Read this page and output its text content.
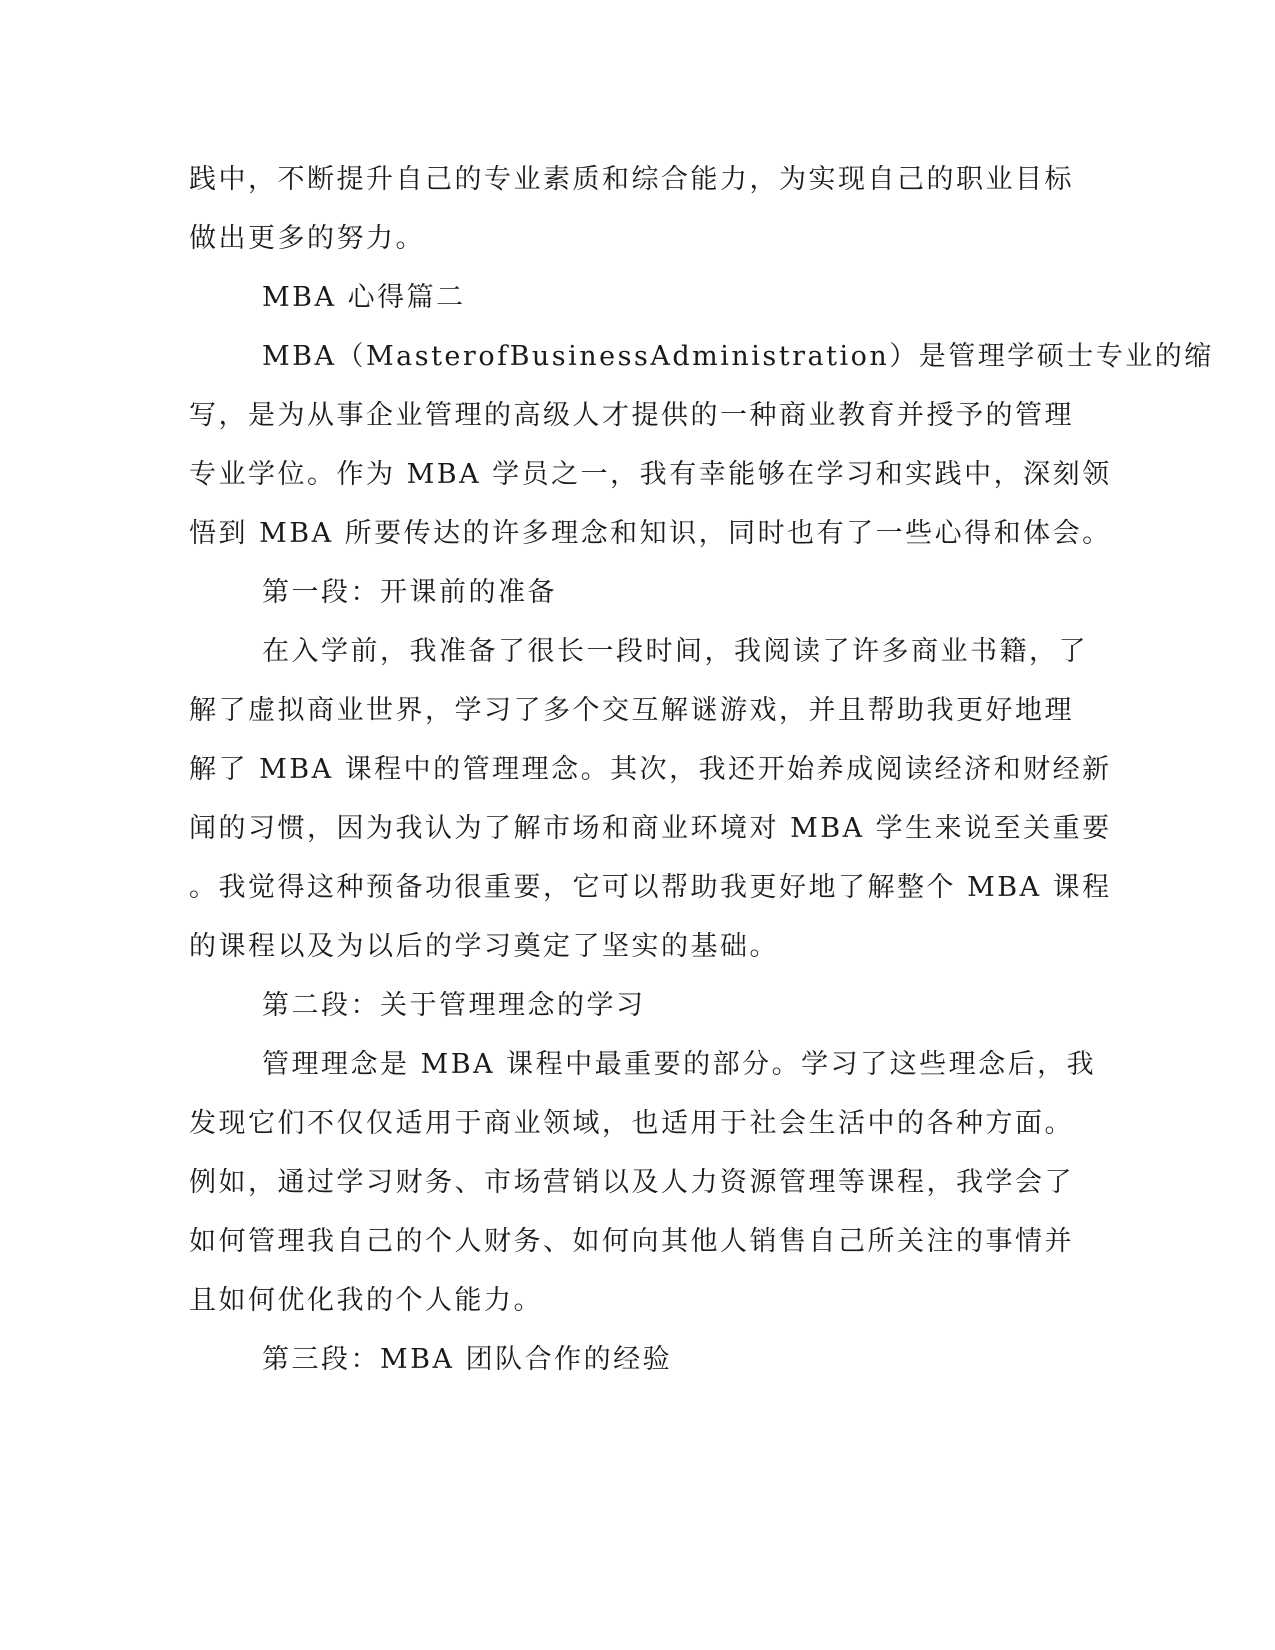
践中，不断提升自己的专业素质和综合能力，为实现自己的职业目标
做出更多的努力。
MBA 心得篇二
MBA（MasterofBusinessAdministration）是管理学硕士专业的缩
写，是为从事企业管理的高级人才提供的一种商业教育并授予的管理
专业学位。作为 MBA 学员之一，我有幸能够在学习和实践中，深刻领
悟到 MBA 所要传达的许多理念和知识，同时也有了一些心得和体会。
第一段：开课前的准备
在入学前，我准备了很长一段时间，我阅读了许多商业书籍，了
解了虚拟商业世界，学习了多个交互解谜游戏，并且帮助我更好地理
解了 MBA 课程中的管理理念。其次，我还开始养成阅读经济和财经新
闻的习惯，因为我认为了解市场和商业环境对 MBA 学生来说至关重要
。我觉得这种预备功很重要，它可以帮助我更好地了解整个 MBA 课程
的课程以及为以后的学习奠定了坚实的基础。
第二段：关于管理理念的学习
管理理念是 MBA 课程中最重要的部分。学习了这些理念后，我
发现它们不仅仅适用于商业领域，也适用于社会生活中的各种方面。
例如，通过学习财务、市场营销以及人力资源管理等课程，我学会了
如何管理我自己的个人财务、如何向其他人销售自己所关注的事情并
且如何优化我的个人能力。
第三段：MBA 团队合作的经验
